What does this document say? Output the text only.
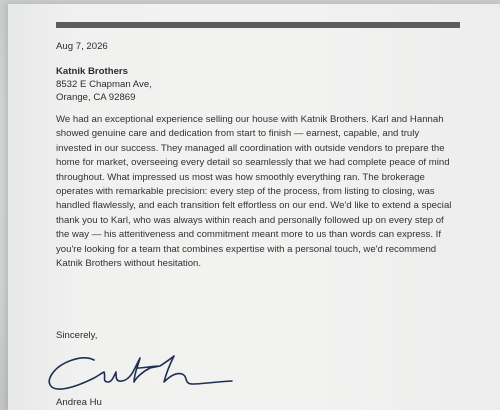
Aug 7, 2026
Katnik Brothers
8532 E Chapman Ave,
Orange, CA 92869
We had an exceptional experience selling our house with Katnik Brothers. Karl and Hannah showed genuine care and dedication from start to finish — earnest, capable, and truly invested in our success. They managed all coordination with outside vendors to prepare the home for market, overseeing every detail so seamlessly that we had complete peace of mind throughout. What impressed us most was how smoothly everything ran. The brokerage operates with remarkable precision: every step of the process, from listing to closing, was handled flawlessly, and each transition felt effortless on our end. We'd like to extend a special thank you to Karl, who was always within reach and personally followed up on every step of the way — his attentiveness and commitment meant more to us than words can express. If you're looking for a team that combines expertise with a personal touch, we'd recommend Katnik Brothers without hesitation.
Sincerely,
Andrea Hu
